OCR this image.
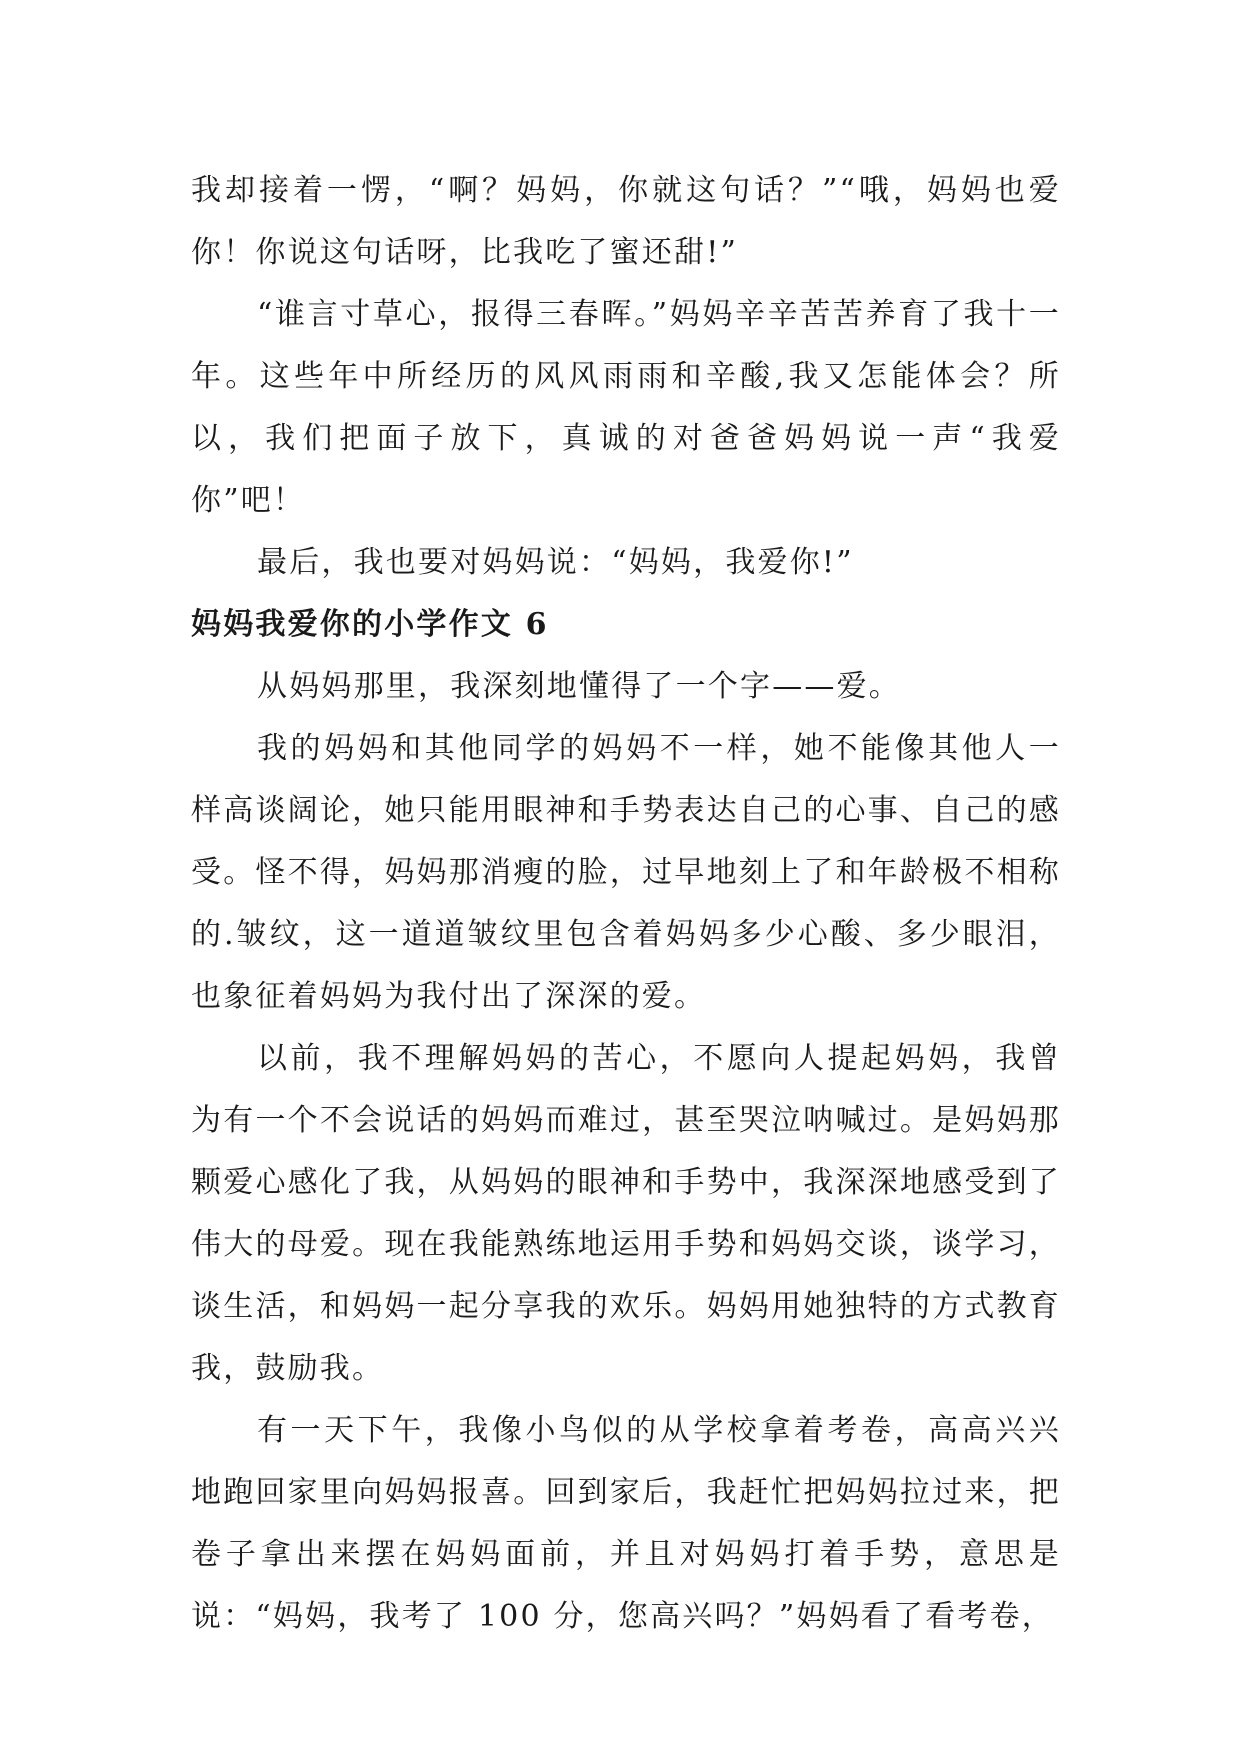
我却接着一愣，“啊？妈妈，你就这句话？”“哦，妈妈也爱你！你说这句话呀，比我吃了蜜还甜!”

“谁言寸草心，报得三春晖。”妈妈辛辛苦苦养育了我十一年。这些年中所经历的风风雨雨和辛酸,我又怎能体会？所以，我们把面子放下，真诚的对爸爸妈妈说一声“我爱你”吧！

最后，我也要对妈妈说：“妈妈，我爱你!”

妈妈我爱你的小学作文 6

从妈妈那里，我深刻地懂得了一个字——爱。

我的妈妈和其他同学的妈妈不一样，她不能像其他人一样高谈阔论，她只能用眼神和手势表达自己的心事、自己的感受。怪不得，妈妈那消瘦的脸，过早地刻上了和年龄极不相称的.皱纹，这一道道皱纹里包含着妈妈多少心酸、多少眼泪，也象征着妈妈为我付出了深深的爱。

以前，我不理解妈妈的苦心，不愿向人提起妈妈，我曾为有一个不会说话的妈妈而难过，甚至哭泣呐喊过。是妈妈那颗爱心感化了我，从妈妈的眼神和手势中，我深深地感受到了伟大的母爱。现在我能熟练地运用手势和妈妈交谈，谈学习，谈生活，和妈妈一起分享我的欢乐。妈妈用她独特的方式教育我，鼓励我。

有一天下午，我像小鸟似的从学校拿着考卷，高高兴兴地跑回家里向妈妈报喜。回到家后，我赶忙把妈妈拉过来，把卷子拿出来摆在妈妈面前，并且对妈妈打着手势，意思是说：“妈妈，我考了 100 分，您高兴吗？”妈妈看了看考卷，
